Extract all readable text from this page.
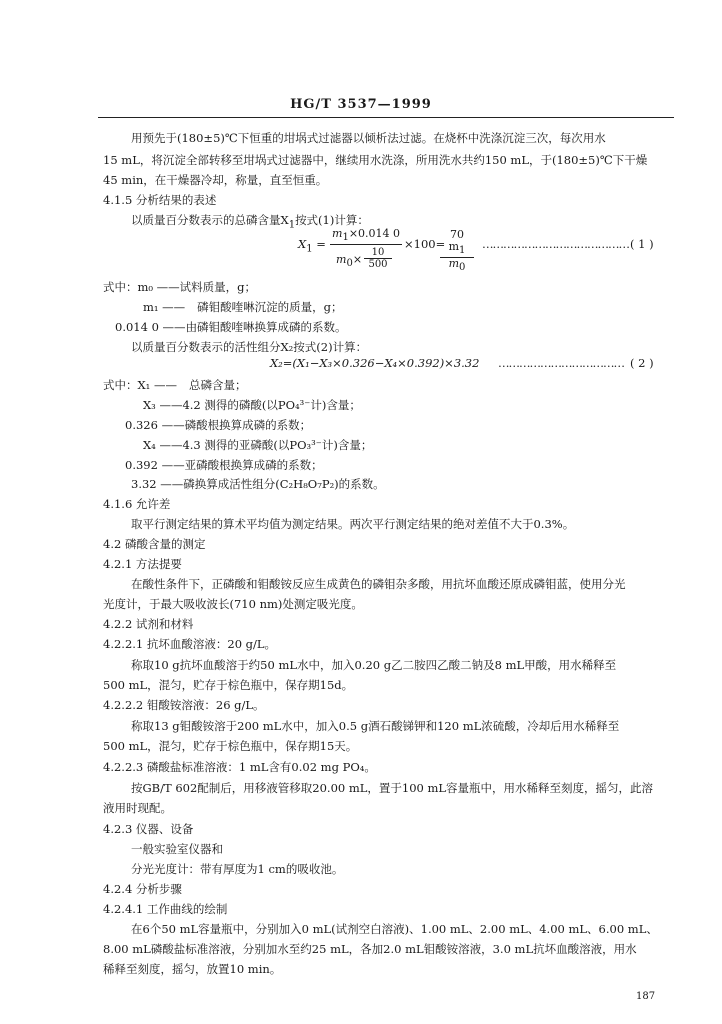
HG/T 3537—1999
用预先于(180±5)℃下恒重的坩埚式过滤器以倾析法过滤。在烧杯中洗涤沉淀三次，每次用水
15 mL，将沉淀全部转移至坩埚式过滤器中，继续用水洗涤，所用洗水共约150 mL，于(180±5)℃下干燥
45 min，在干燥器冷却，称量，直至恒重。
4.1.5 分析结果的表述
以质量百分数表示的总磷含量$X_1$按式(1)计算：
$X_1 = m_1\times 0.014$ 0
$m_0\times$
10
500 ×100=
$\frac{70 m_1}{m_0}$ …………………………………… ( 1 )
式中：m₀ ——试料质量，g；
m₁ —— 磷钼酸喹啉沉淀的质量，g；
0.014 0 ——由磷钼酸喹啉换算成磷的系数。
以质量百分数表示的活性组分X₂按式(2)计算：
X₂=(X₁−X₃×0.326−X₄×0.392)×3.32 ……………………………… ( 2 )
式中：X₁ —— 总磷含量；
X₃ ——4.2 测得的磷酸(以PO₄³⁻计)含量；
0.326 ——磷酸根换算成磷的系数；
X₄ ——4.3 测得的亚磷酸(以PO₃³⁻计)含量；
0.392 ——亚磷酸根换算成磷的系数；
3.32 ——磷换算成活性组分(C₂H₈O₇P₂)的系数。
4.1.6 允许差
取平行测定结果的算术平均值为测定结果。两次平行测定结果的绝对差值不大于0.3%。
4.2 磷酸含量的测定
4.2.1 方法提要
在酸性条件下，正磷酸和钼酸铵反应生成黄色的磷钼杂多酸，用抗坏血酸还原成磷钼蓝，使用分光
光度计，于最大吸收波长(710 nm)处测定吸光度。
4.2.2 试剂和材料
4.2.2.1 抗坏血酸溶液：20 g/L。
称取10 g抗坏血酸溶于约50 mL水中，加入0.20 g乙二胺四乙酸二钠及8 mL甲酸，用水稀释至
500 mL，混匀，贮存于棕色瓶中，保存期15d。
4.2.2.2 钼酸铵溶液：26 g/L。
称取13 g钼酸铵溶于200 mL水中，加入0.5 g酒石酸锑钾和120 mL浓硫酸，冷却后用水稀释至
500 mL，混匀，贮存于棕色瓶中，保存期15天。
4.2.2.3 磷酸盐标准溶液：1 mL含有0.02 mg PO₄。
按GB/T 602配制后，用移液管移取20.00 mL，置于100 mL容量瓶中，用水稀释至刻度，摇匀，此溶
液用时现配。
4.2.3 仪器、设备
一般实验室仪器和
分光光度计：带有厚度为1 cm的吸收池。
4.2.4 分析步骤
4.2.4.1 工作曲线的绘制
在6个50 mL容量瓶中，分别加入0 mL(试剂空白溶液)、1.00 mL、2.00 mL、4.00 mL、6.00 mL、
8.00 mL磷酸盐标准溶液，分别加水至约25 mL，各加2.0 mL钼酸铵溶液，3.0 mL抗坏血酸溶液，用水
稀释至刻度，摇匀，放置10 min。
187
